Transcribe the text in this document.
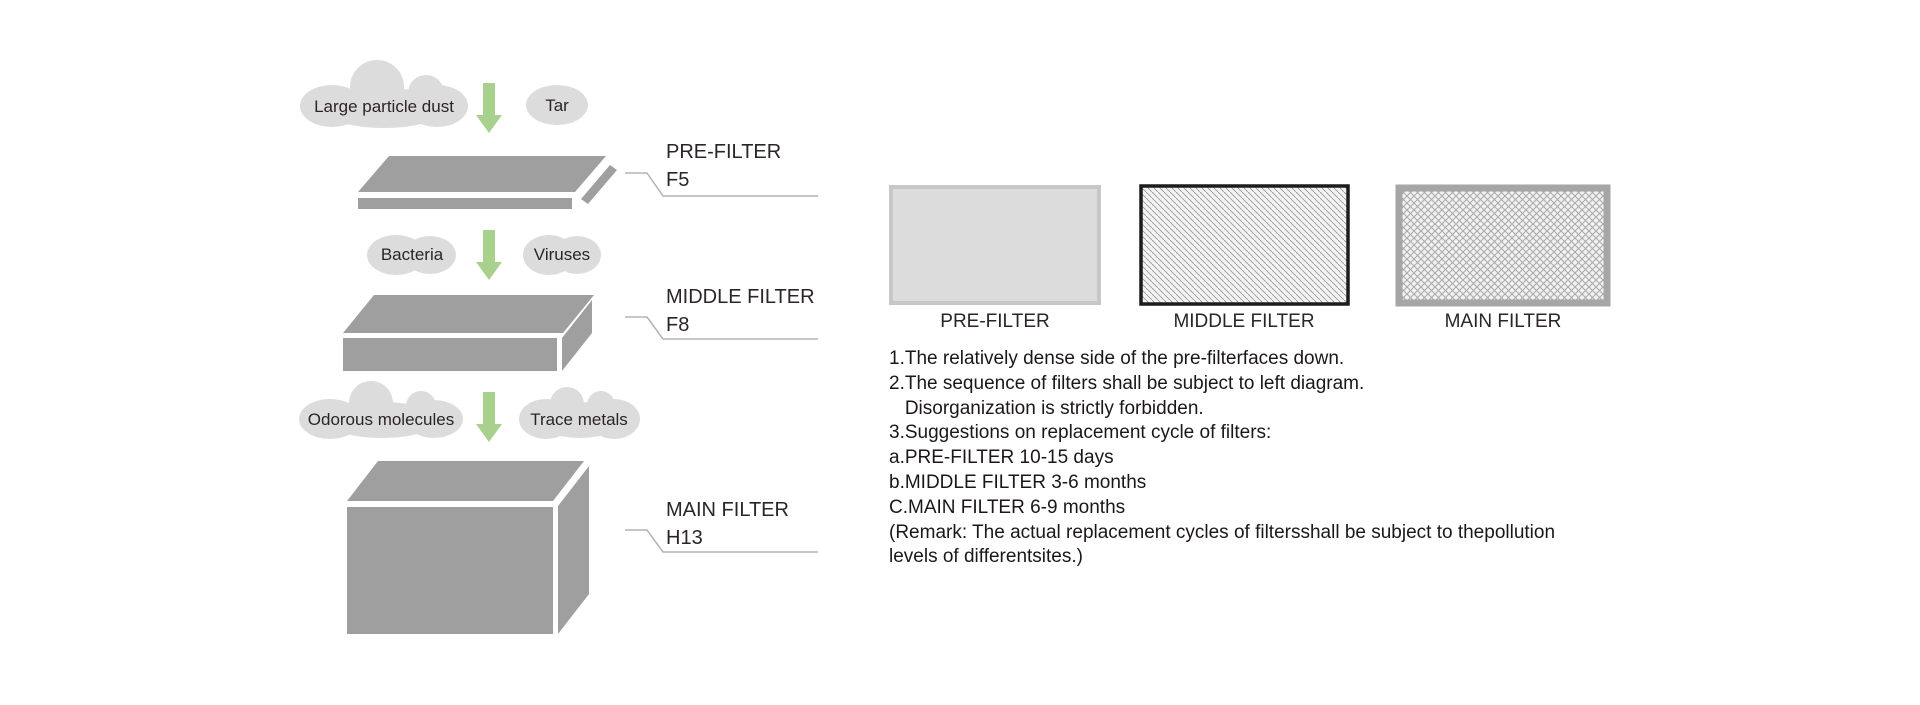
Large particle dust	Tar
Bacteria	Viruses
Odorous molecules	Trace metals
PRE-FILTER
F5
MIDDLE FILTER
F8
MAIN FILTER
H13
PRE-FILTER	MIDDLE FILTER	MAIN FILTER
1.The relatively dense side of the pre-filterfaces down.
2.The sequence of filters shall be subject to left diagram.
Disorganization is strictly forbidden.
3.Suggestions on replacement cycle of filters:
a.PRE-FILTER 10-15 days
b.MIDDLE FILTER 3-6 months
C.MAIN FILTER 6-9 months
(Remark: The actual replacement cycles of filtersshall be subject to thepollution
levels of differentsites.)
